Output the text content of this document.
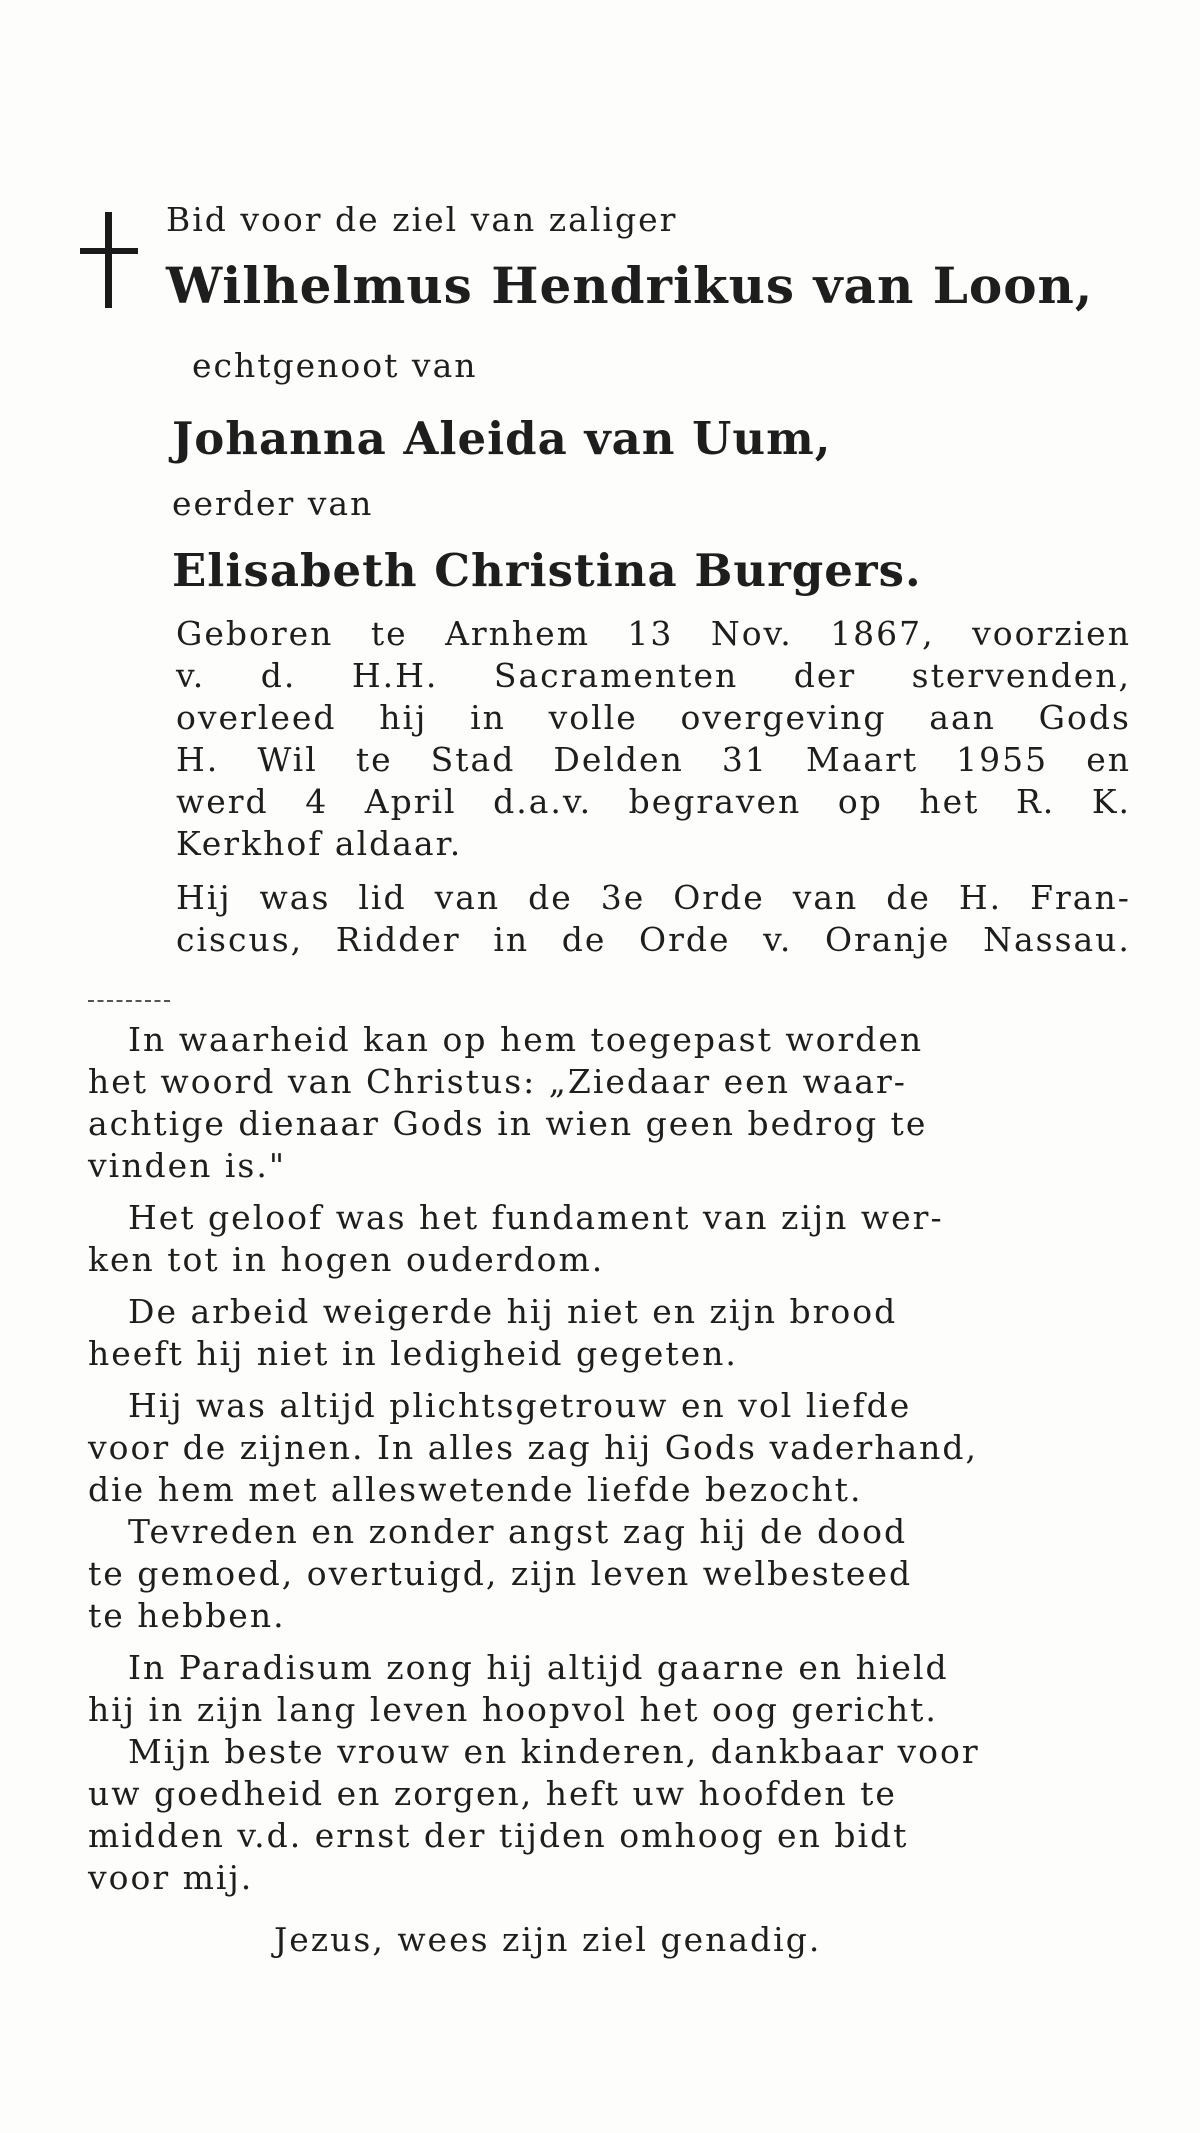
Bid voor de ziel van zaliger
Wilhelmus Hendrikus van Loon,
echtgenoot van
Johanna Aleida van Uum,
eerder van
Elisabeth Christina Burgers.
Geboren te Arnhem 13 Nov. 1867, voorzien
v. d. H.H. Sacramenten der stervenden,
overleed hij in volle overgeving aan Gods
H. Wil te Stad Delden 31 Maart 1955 en
werd 4 April d.a.v. begraven op het R. K.
Kerkhof aldaar.
Hij was lid van de 3e Orde van de H. Fran-
ciscus, Ridder in de Orde v. Oranje Nassau.
In waarheid kan op hem toegepast worden
het woord van Christus: „Ziedaar een waar-
achtige dienaar Gods in wien geen bedrog te
vinden is."
Het geloof was het fundament van zijn wer-
ken tot in hogen ouderdom.
De arbeid weigerde hij niet en zijn brood
heeft hij niet in ledigheid gegeten.
Hij was altijd plichtsgetrouw en vol liefde
voor de zijnen. In alles zag hij Gods vaderhand,
die hem met alleswetende liefde bezocht.
Tevreden en zonder angst zag hij de dood
te gemoed, overtuigd, zijn leven welbesteed
te hebben.
In Paradisum zong hij altijd gaarne en hield
hij in zijn lang leven hoopvol het oog gericht.
Mijn beste vrouw en kinderen, dankbaar voor
uw goedheid en zorgen, heft uw hoofden te
midden v.d. ernst der tijden omhoog en bidt
voor mij.
Jezus, wees zijn ziel genadig.
